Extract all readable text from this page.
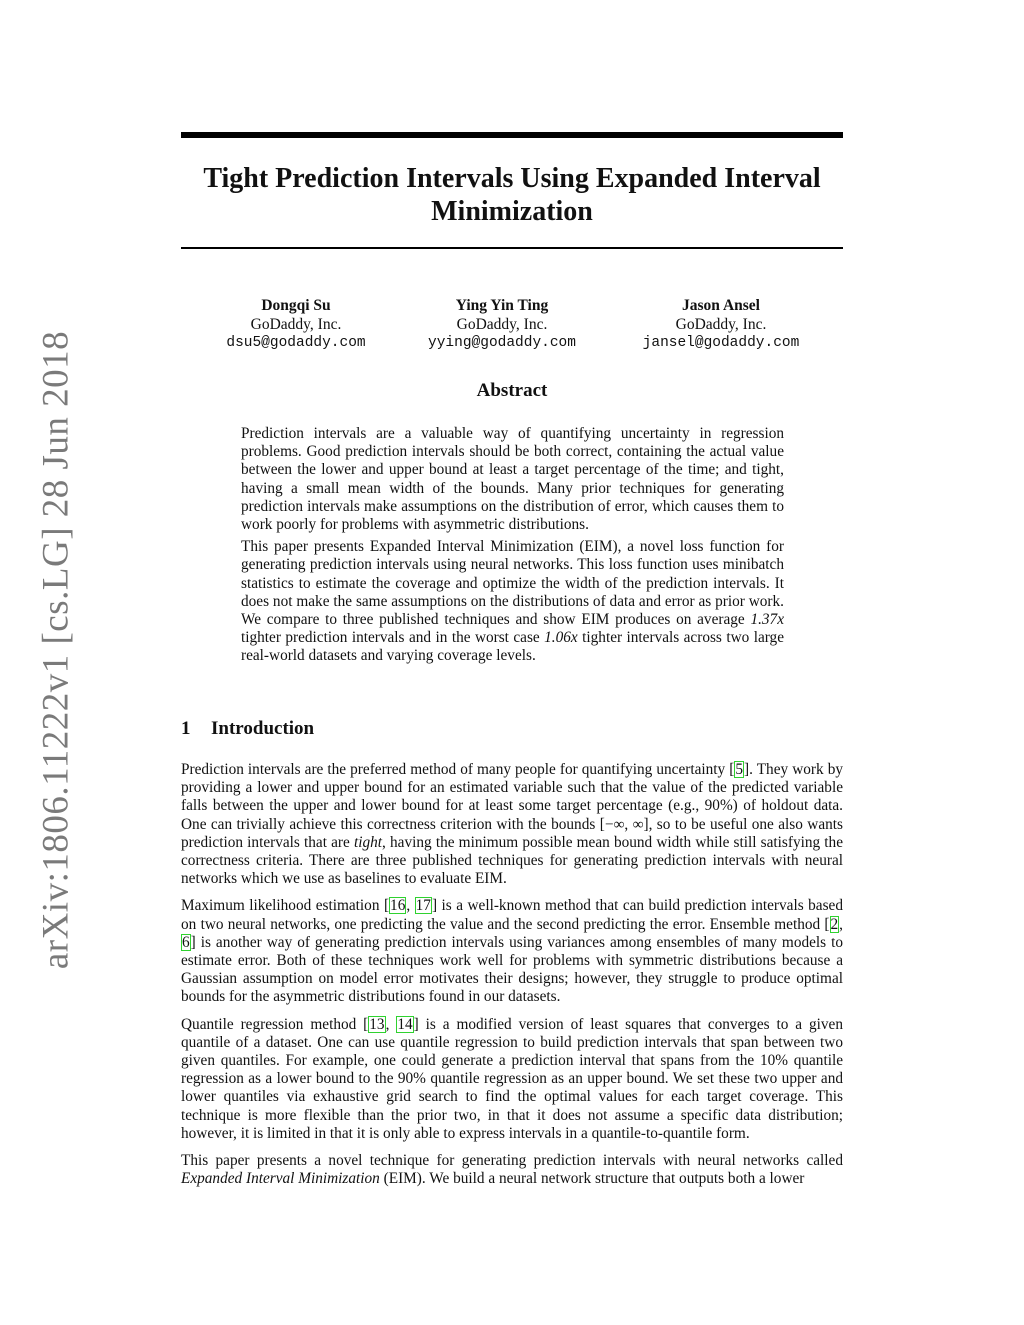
arXiv:1806.11222v1 [cs.LG] 28 Jun 2018
Tight Prediction Intervals Using Expanded Interval Minimization
Dongqi Su
GoDaddy, Inc.
dsu5@godaddy.com
Ying Yin Ting
GoDaddy, Inc.
yying@godaddy.com
Jason Ansel
GoDaddy, Inc.
jansel@godaddy.com
Abstract

Prediction intervals are a valuable way of quantifying uncertainty in regression problems. Good prediction intervals should be both correct, containing the actual value between the lower and upper bound at least a target percentage of the time; and tight, having a small mean width of the bounds. Many prior techniques for generating prediction intervals make assumptions on the distribution of error, which causes them to work poorly for problems with asymmetric distributions.

This paper presents Expanded Interval Minimization (EIM), a novel loss function for generating prediction intervals using neural networks. This loss function uses minibatch statistics to estimate the coverage and optimize the width of the prediction intervals. It does not make the same assumptions on the distributions of data and error as prior work. We compare to three published techniques and show EIM produces on average 1.37x tighter prediction intervals and in the worst case 1.06x tighter intervals across two large real-world datasets and varying coverage levels.

1 Introduction

Prediction intervals are the preferred method of many people for quantifying uncertainty [5]. They work by providing a lower and upper bound for an estimated variable such that the value of the predicted variable falls between the upper and lower bound for at least some target percentage (e.g., 90%) of holdout data. One can trivially achieve this correctness criterion with the bounds [−∞, ∞], so to be useful one also wants prediction intervals that are tight, having the minimum possible mean bound width while still satisfying the correctness criteria. There are three published techniques for generating prediction intervals with neural networks which we use as baselines to evaluate EIM.

Maximum likelihood estimation [16, 17] is a well-known method that can build prediction intervals based on two neural networks, one predicting the value and the second predicting the error. Ensemble method [2, 6] is another way of generating prediction intervals using variances among ensembles of many models to estimate error. Both of these techniques work well for problems with symmetric distributions because a Gaussian assumption on model error motivates their designs; however, they struggle to produce optimal bounds for the asymmetric distributions found in our datasets.

Quantile regression method [13, 14] is a modified version of least squares that converges to a given quantile of a dataset. One can use quantile regression to build prediction intervals that span between two given quantiles. For example, one could generate a prediction interval that spans from the 10% quantile regression as a lower bound to the 90% quantile regression as an upper bound. We set these two upper and lower quantiles via exhaustive grid search to find the optimal values for each target coverage. This technique is more flexible than the prior two, in that it does not assume a specific data distribution; however, it is limited in that it is only able to express intervals in a quantile-to-quantile form.

This paper presents a novel technique for generating prediction intervals with neural networks called Expanded Interval Minimization (EIM). We build a neural network structure that outputs both a lower
